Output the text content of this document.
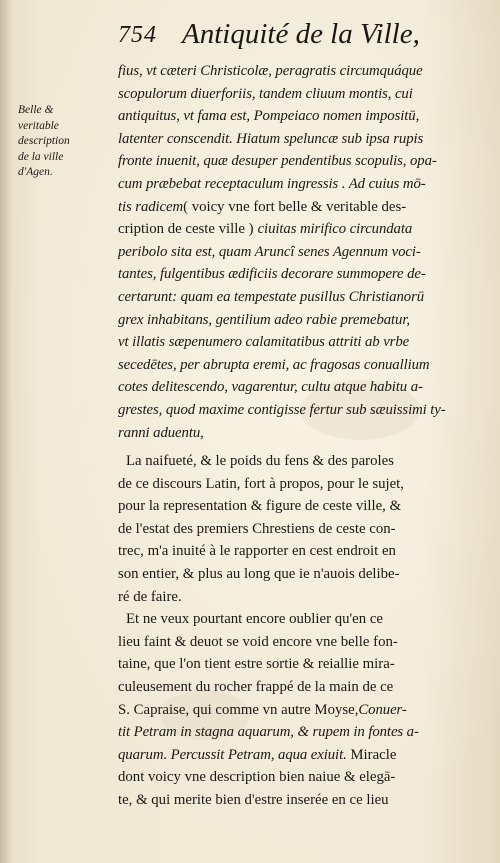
754 Antiquité de la Ville,
Belle &
veritable
description
de la ville
d'Agen.
fius, vt cæteri Christicolæ, peragratis circumquáque
scopulorum diuerforiis, tandem cliuum montis, cui
antiquitus, vt fama est, Pompeiaco nomen impositū,
latenter conscendit. Hiatum speluncæ sub ipsa rupis
fronte inuenit, quæ desuper pendentibus scopulis, opa-
cum præbebat receptaculum ingressis . Ad cuius mō-
tis radicem( voicy vne fort belle & veritable des-
cription de ceste ville ) ciuitas mirifico circundata
peribolo sita est, quam Aruncî senes Agennum voci-
tantes, fulgentibus ædificiis decorare summopere de-
certarunt: quam ea tempestate pusillus Christianorū
grex inhabitans, gentilium adeo rabie premebatur,
vt illatis sæpenumero calamitatibus attriti ab vrbe
secedētes, per abrupta eremi, ac fragosas conuallium
cotes delitescendo, vagarentur, cultu atque habitu a-
grestes, quod maxime contigisse fertur sub sæuissimi ty-
ranni aduentu,
La naifueté, & le poids du fens & des paroles
de ce discours Latin, fort à propos, pour le sujet,
pour la representation & figure de ceste ville, &
de l'estat des premiers Chrestiens de ceste con-
trec, m'a inuité à le rapporter en cest endroit en
son entier, & plus au long que ie n'auois delibe-
ré de faire.
Et ne veux pourtant encore oublier qu'en ce
lieu faint & deuot se void encore vne belle fon-
taine, que l'on tient estre sortie & reiallie mira-
culeusement du rocher frappé de la main de ce
S. Capraise, qui comme vn autre Moyse,Conuer-
tit Petram in stagna aquarum, & rupem in fontes a-
quarum. Percussit Petram, aqua exiuit. Miracle
dont voicy vne description bien naiue & elegā-
te, & qui merite bien d'estre inserée en ce lieu
